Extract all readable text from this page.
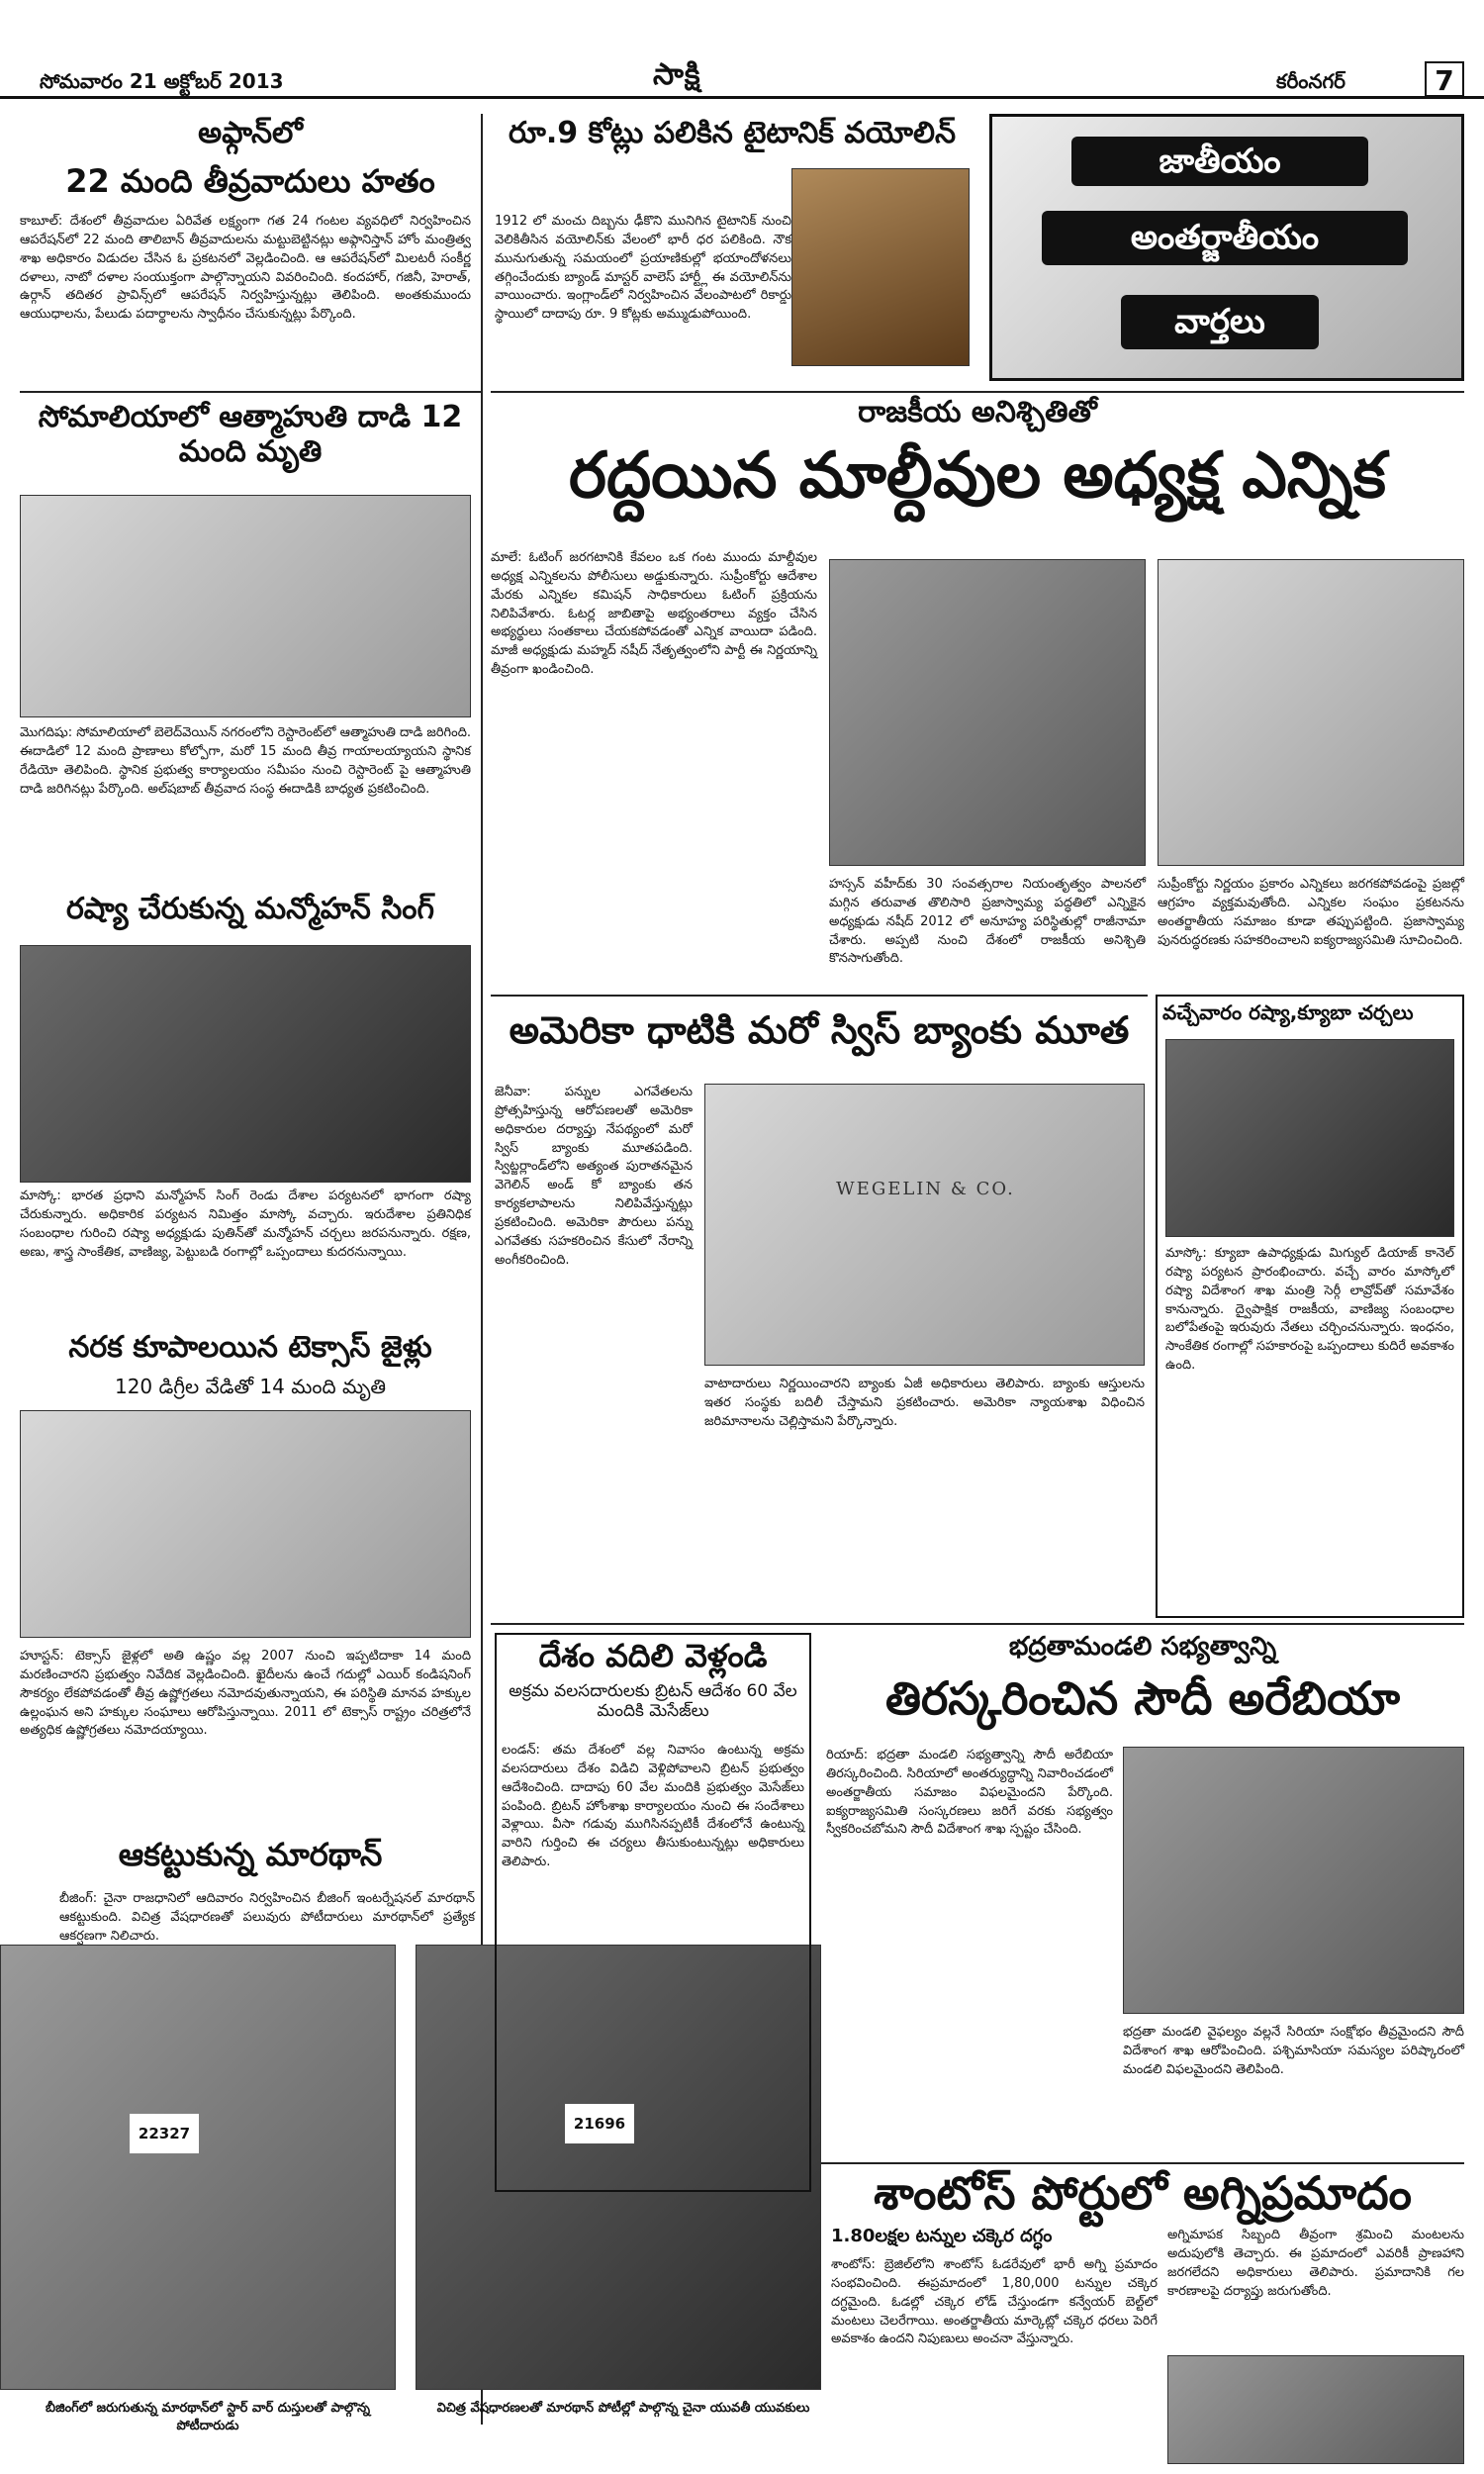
సోమవారం 21 అక్టోబర్ 2013	సాక్షి	కరీంనగర్	7
అఫ్గాన్‌లో
22 మంది తీవ్రవాదులు హతం
కాబూల్: దేశంలో తీవ్రవాదుల ఏరివేత లక్ష్యంగా గత 24 గంటల వ్యవధిలో నిర్వహించిన ఆపరేషన్‌లో 22 మంది తాలిబాన్ తీవ్రవాదులను మట్టుబెట్టినట్లు అఫ్గానిస్తాన్ హోం మంత్రిత్వ శాఖ అధికారం విడుదల చేసిన ఓ ప్రకటనలో వెల్లడించింది. ఆ ఆపరేషన్‌లో మిలటరీ సంకీర్ణ దళాలు, నాటో దళాల సంయుక్తంగా పాల్గొన్నాయని వివరించింది. కందహార్, గజినీ, హెరాత్, ఉర్గాన్ తదితర ప్రావిన్స్‌లో ఆపరేషన్ నిర్వహిస్తున్నట్లు తెలిపింది. అంతకుముందు ఆయుధాలను, పేలుడు పదార్థాలను స్వాధీనం చేసుకున్నట్లు పేర్కొంది.
సోమాలియాలో ఆత్మాహుతి దాడి 12 మంది మృతి
మొగదిషు: సోమాలియాలో బెలెద్‌వెయిన్ నగరంలోని రెస్టారెంట్‌లో ఆత్మాహుతి దాడి జరిగింది. ఈదాడిలో 12 మంది ప్రాణాలు కోల్పోగా, మరో 15 మంది తీవ్ర గాయాలయ్యాయని స్థానిక రేడియో తెలిపింది. స్థానిక ప్రభుత్వ కార్యాలయం సమీపం నుంచి రెస్టారెంట్ పై ఆత్మాహుతి దాడి జరిగినట్లు పేర్కొంది. అల్‌షబాబ్ తీవ్రవాద సంస్థ ఈదాడికి బాధ్యత ప్రకటించింది.
రష్యా చేరుకున్న మన్మోహన్ సింగ్
మాస్కో: భారత ప్రధాని మన్మోహన్ సింగ్ రెండు దేశాల పర్యటనలో భాగంగా రష్యా చేరుకున్నారు. అధికారిక పర్యటన నిమిత్తం మాస్కో వచ్చారు. ఇరుదేశాల ప్రతినిధిక సంబంధాల గురించి రష్యా అధ్యక్షుడు పుతిన్‌తో మన్మోహన్ చర్చలు జరపనున్నారు. రక్షణ, అణు, శాస్త్ర సాంకేతిక, వాణిజ్య, పెట్టుబడి రంగాల్లో ఒప్పందాలు కుదరనున్నాయి.
నరక కూపాలయిన టెక్సాస్ జైళ్లు
120 డిగ్రీల వేడితో 14 మంది మృతి
హూస్టన్: టెక్సాస్ జైళ్లలో అతి ఉష్ణం వల్ల 2007 నుంచి ఇప్పటిదాకా 14 మంది మరణించారని ప్రభుత్వం నివేదిక వెల్లడించింది. ఖైదీలను ఉంచే గదుల్లో ఎయిర్ కండిషనింగ్ సౌకర్యం లేకపోవడంతో తీవ్ర ఉష్ణోగ్రతలు నమోదవుతున్నాయని, ఈ పరిస్థితి మానవ హక్కుల ఉల్లంఘన అని హక్కుల సంఘాలు ఆరోపిస్తున్నాయి. 2011 లో టెక్సాస్ రాష్ట్రం చరిత్రలోనే అత్యధిక ఉష్ణోగ్రతలు నమోదయ్యాయి.
ఆకట్టుకున్న మారథాన్
బీజింగ్: చైనా రాజధానిలో ఆదివారం నిర్వహించిన బీజింగ్ ఇంటర్నేషనల్ మారథాన్ ఆకట్టుకుంది. విచిత్ర వేషధారణతో పలువురు పోటీదారులు మారథాన్‌లో ప్రత్యేక ఆకర్షణగా నిలిచారు.
22327
21696
బీజింగ్‌లో జరుగుతున్న మారథాన్‌లో స్టార్ వార్ దుస్తులతో పాల్గొన్న పోటీదారుడు
విచిత్ర వేషధారణలతో మారథాన్ పోటీల్లో పాల్గొన్న చైనా యువతీ యువకులు
రూ.9 కోట్లు పలికిన టైటానిక్ వయోలిన్
1912 లో మంచు దిబ్బను ఢీకొని మునిగిన టైటానిక్ నుంచి వెలికితీసిన వయోలిన్‌కు వేలంలో భారీ ధర పలికింది. నౌక మునుగుతున్న సమయంలో ప్రయాణికుల్లో భయాందోళనలు తగ్గించేందుకు బ్యాండ్ మాస్టర్ వాలెస్ హార్ట్లీ ఈ వయోలిన్‌ను వాయించారు. ఇంగ్లాండ్‌లో నిర్వహించిన వేలంపాటలో రికార్డు స్థాయిలో దాదాపు రూ. 9 కోట్లకు అమ్ముడుపోయింది.
జాతీయం
అంతర్జాతీయం
వార్తలు
రాజకీయ అనిశ్చితితో
రద్దయిన మాల్దీవుల అధ్యక్ష ఎన్నిక
మాలే: ఓటింగ్ జరగటానికి కేవలం ఒక గంట ముందు మాల్దీవుల అధ్యక్ష ఎన్నికలను పోలీసులు అడ్డుకున్నారు. సుప్రీంకోర్టు ఆదేశాల మేరకు ఎన్నికల కమిషన్ సాధికారులు ఓటింగ్ ప్రక్రియను నిలిపివేశారు. ఓటర్ల జాబితాపై అభ్యంతరాలు వ్యక్తం చేసిన అభ్యర్థులు సంతకాలు చేయకపోవడంతో ఎన్నిక వాయిదా పడింది. మాజీ అధ్యక్షుడు మహ్మద్ నషీద్ నేతృత్వంలోని పార్టీ ఈ నిర్ణయాన్ని తీవ్రంగా ఖండించింది.
హస్సన్ వహీద్‌కు 30 సంవత్సరాల నియంతృత్వం పాలనలో మగ్గిన తరువాత తొలిసారి ప్రజాస్వామ్య పద్ధతిలో ఎన్నికైన అధ్యక్షుడు నషీద్ 2012 లో అనూహ్య పరిస్థితుల్లో రాజీనామా చేశారు. అప్పటి నుంచి దేశంలో రాజకీయ అనిశ్చితి కొనసాగుతోంది.
సుప్రీంకోర్టు నిర్ణయం ప్రకారం ఎన్నికలు జరగకపోవడంపై ప్రజల్లో ఆగ్రహం వ్యక్తమవుతోంది. ఎన్నికల సంఘం ప్రకటనను అంతర్జాతీయ సమాజం కూడా తప్పుపట్టింది. ప్రజాస్వామ్య పునరుద్ధరణకు సహకరించాలని ఐక్యరాజ్యసమితి సూచించింది.
అమెరికా ధాటికి మరో స్విస్ బ్యాంకు మూత
జెనీవా: పన్నుల ఎగవేతలను ప్రోత్సహిస్తున్న ఆరోపణలతో అమెరికా అధికారుల దర్యాప్తు నేపథ్యంలో మరో స్విస్ బ్యాంకు మూతపడింది. స్విట్జర్లాండ్‌లోని అత్యంత పురాతనమైన వెగెలిన్ అండ్ కో బ్యాంకు తన కార్యకలాపాలను నిలిపివేస్తున్నట్లు ప్రకటించింది. అమెరికా పౌరులు పన్ను ఎగవేతకు సహకరించిన కేసులో నేరాన్ని అంగీకరించింది.
WEGELIN & CO.
వాటాదారులు నిర్ణయించారని బ్యాంకు ఏజీ అధికారులు తెలిపారు. బ్యాంకు ఆస్తులను ఇతర సంస్థకు బదిలీ చేస్తామని ప్రకటించారు. అమెరికా న్యాయశాఖ విధించిన జరిమానాలను చెల్లిస్తామని పేర్కొన్నారు.
వచ్చేవారం రష్యా,క్యూబా చర్చలు
మాస్కో: క్యూబా ఉపాధ్యక్షుడు మిగ్యుల్ డియాజ్ కానెల్ రష్యా పర్యటన ప్రారంభించారు. వచ్చే వారం మాస్కోలో రష్యా విదేశాంగ శాఖ మంత్రి సెర్గీ లావ్రోవ్‌తో సమావేశం కానున్నారు. ద్వైపాక్షిక రాజకీయ, వాణిజ్య సంబంధాల బలోపేతంపై ఇరువురు నేతలు చర్చించనున్నారు. ఇంధనం, సాంకేతిక రంగాల్లో సహకారంపై ఒప్పందాలు కుదిరే అవకాశం ఉంది.
దేశం వదిలి వెళ్లండి
అక్రమ వలసదారులకు బ్రిటన్ ఆదేశం 60 వేల మందికి మెసేజ్‌లు
లండన్: తమ దేశంలో వల్ల నివాసం ఉంటున్న అక్రమ వలసదారులు దేశం విడిచి వెళ్లిపోవాలని బ్రిటన్ ప్రభుత్వం ఆదేశించింది. దాదాపు 60 వేల మందికి ప్రభుత్వం మెసేజ్‌లు పంపింది. బ్రిటన్ హోంశాఖ కార్యాలయం నుంచి ఈ సందేశాలు వెళ్లాయి. వీసా గడువు ముగిసినప్పటికీ దేశంలోనే ఉంటున్న వారిని గుర్తించి ఈ చర్యలు తీసుకుంటున్నట్లు అధికారులు తెలిపారు.
భద్రతామండలి సభ్యత్వాన్ని
తిరస్కరించిన సౌదీ అరేబియా
రియాద్: భద్రతా మండలి సభ్యత్వాన్ని సౌదీ అరేబియా తిరస్కరించింది. సిరియాలో అంతర్యుద్ధాన్ని నివారించడంలో అంతర్జాతీయ సమాజం విఫలమైందని పేర్కొంది. ఐక్యరాజ్యసమితి సంస్కరణలు జరిగే వరకు సభ్యత్వం స్వీకరించబోమని సౌదీ విదేశాంగ శాఖ స్పష్టం చేసింది.
భద్రతా మండలి వైఫల్యం వల్లనే సిరియా సంక్షోభం తీవ్రమైందని సౌదీ విదేశాంగ శాఖ ఆరోపించింది. పశ్చిమాసియా సమస్యల పరిష్కారంలో మండలి విఫలమైందని తెలిపింది.
శాంటోస్ పోర్టులో అగ్నిప్రమాదం
1.80లక్షల టన్నుల చక్కెర దగ్ధం
శాంటోస్: బ్రెజిల్‌లోని శాంటోస్ ఓడరేవులో భారీ అగ్ని ప్రమాదం సంభవించింది. ఈప్రమాదంలో 1,80,000 టన్నుల చక్కెర దగ్ధమైంది. ఓడల్లో చక్కెర లోడ్ చేస్తుండగా కన్వేయర్ బెల్ట్‌లో మంటలు చెలరేగాయి. అంతర్జాతీయ మార్కెట్లో చక్కెర ధరలు పెరిగే అవకాశం ఉందని నిపుణులు అంచనా వేస్తున్నారు.
అగ్నిమాపక సిబ్బంది తీవ్రంగా శ్రమించి మంటలను అదుపులోకి తెచ్చారు. ఈ ప్రమాదంలో ఎవరికీ ప్రాణహాని జరగలేదని అధికారులు తెలిపారు. ప్రమాదానికి గల కారణాలపై దర్యాప్తు జరుగుతోంది.
